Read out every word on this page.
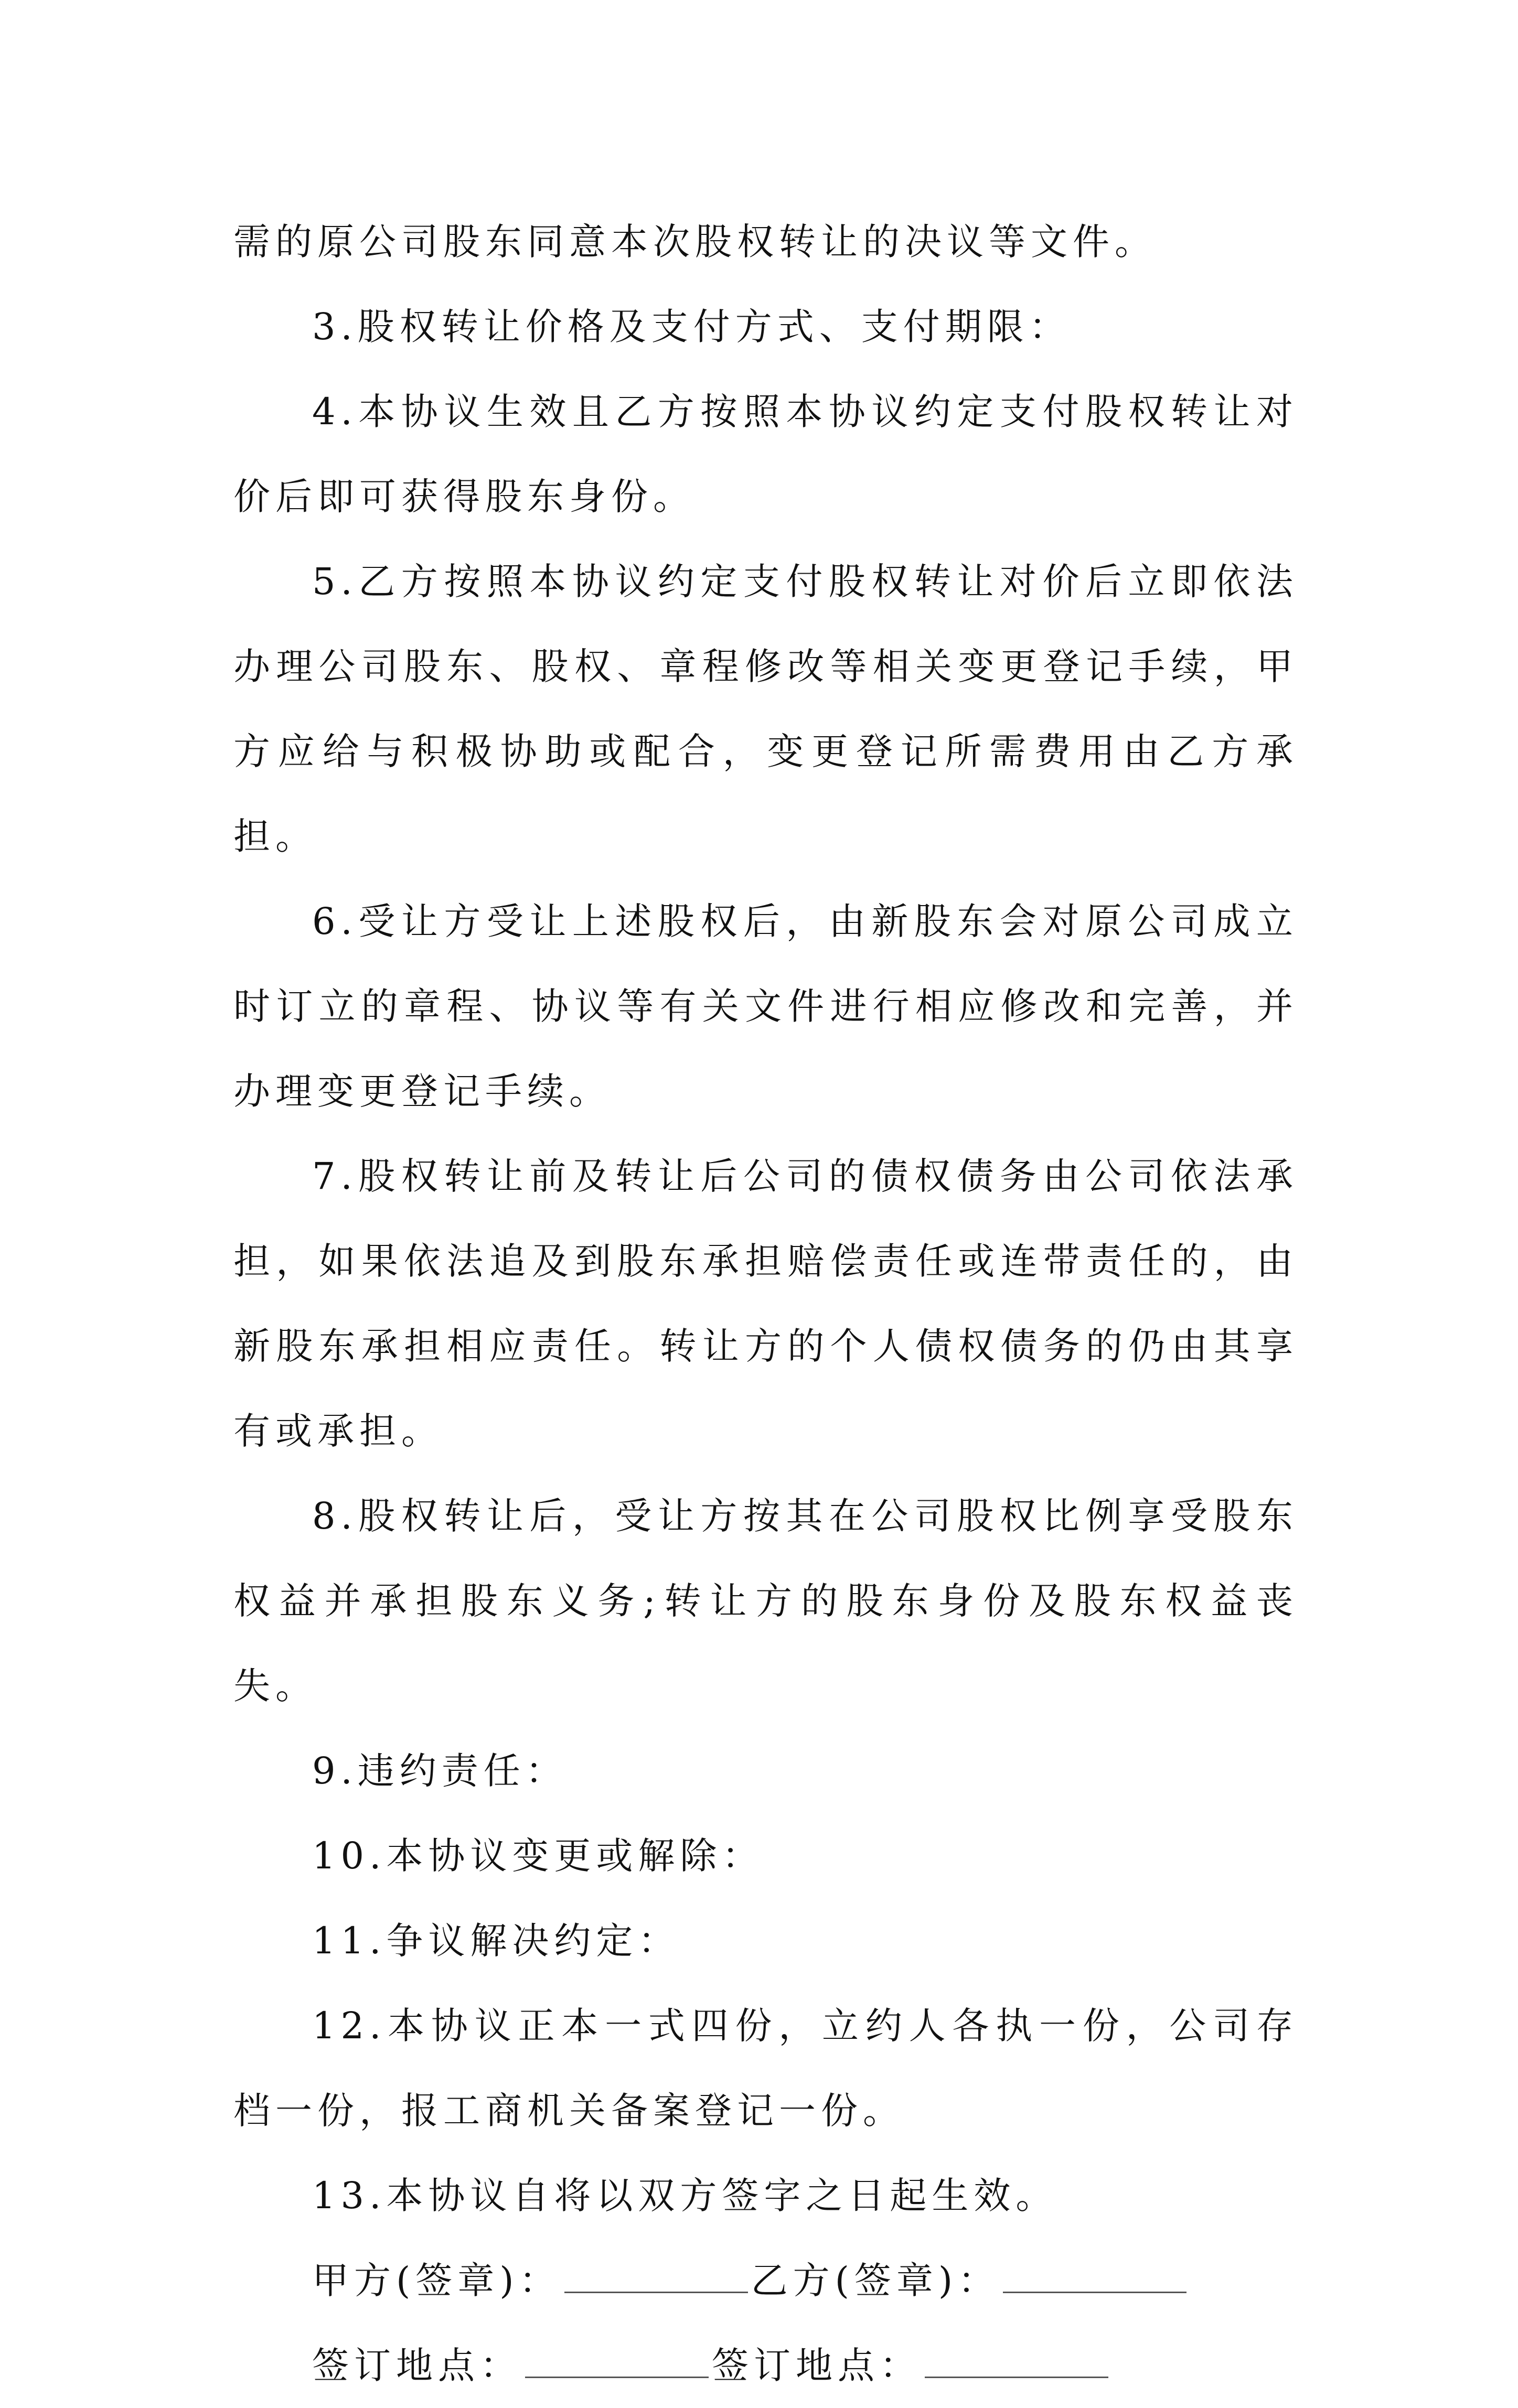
需的原公司股东同意本次股权转让的决议等文件。

3.股权转让价格及支付方式、支付期限：

4.本协议生效且乙方按照本协议约定支付股权转让对价后即可获得股东身份。

5.乙方按照本协议约定支付股权转让对价后立即依法办理公司股东、股权、章程修改等相关变更登记手续，甲方应给与积极协助或配合，变更登记所需费用由乙方承担。

6.受让方受让上述股权后，由新股东会对原公司成立时订立的章程、协议等有关文件进行相应修改和完善，并办理变更登记手续。

7.股权转让前及转让后公司的债权债务由公司依法承担，如果依法追及到股东承担赔偿责任或连带责任的，由新股东承担相应责任。转让方的个人债权债务的仍由其享有或承担。

8.股权转让后，受让方按其在公司股权比例享受股东权益并承担股东义务;转让方的股东身份及股东权益丧失。

9.违约责任：

10.本协议变更或解除：

11.争议解决约定：

12.本协议正本一式四份，立约人各执一份，公司存档一份，报工商机关备案登记一份。

13.本协议自将以双方签字之日起生效。

甲方(签章)：	乙方(签章)：

签订地点：	签订地点：
